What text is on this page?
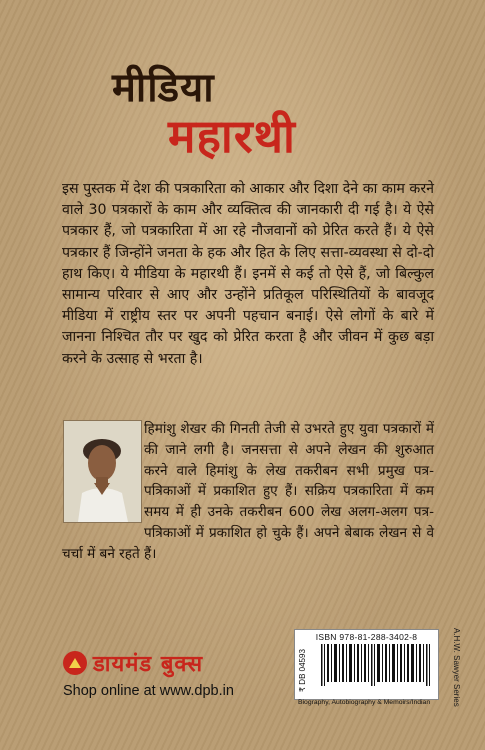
मीडिया
महारथी
इस पुस्तक में देश की पत्रकारिता को आकार और दिशा देने का काम करने वाले 30 पत्रकारों के काम और व्यक्तित्व की जानकारी दी गई है। ये ऐसे पत्रकार हैं, जो पत्रकारिता में आ रहे नौजवानों को प्रेरित करते हैं। ये ऐसे पत्रकार हैं जिन्होंने जनता के हक और हित के लिए सत्ता-व्यवस्था से दो-दो हाथ किए। ये मीडिया के महारथी हैं। इनमें से कई तो ऐसे हैं, जो बिल्कुल सामान्य परिवार से आए और उन्होंने प्रतिकूल परिस्थितियों के बावजूद मीडिया में राष्ट्रीय स्तर पर अपनी पहचान बनाई। ऐसे लोगों के बारे में जानना निश्चित तौर पर खुद को प्रेरित करता है और जीवन में कुछ बड़ा करने के उत्साह से भरता है।
हिमांशु शेखर की गिनती तेजी से उभरते हुए युवा पत्रकारों में की जाने लगी है। जनसत्ता से अपने लेखन की शुरुआत करने वाले हिमांशु के लेख तकरीबन सभी प्रमुख पत्र-पत्रिकाओं में प्रकाशित हुए हैं। सक्रिय पत्रकारिता में कम समय में ही उनके तकरीबन 600 लेख अलग-अलग पत्र-पत्रिकाओं में प्रकाशित हो चुके हैं। अपने बेबाक लेखन से वे चर्चा में बने रहते हैं।
डायमंड बुक्स
Shop online at www.dpb.in
ISBN 978-81-288-3402-8
₹ DB 04593
Biography, Autobiography & Memoirs/Indian	A.H.W. Sawyer Series
